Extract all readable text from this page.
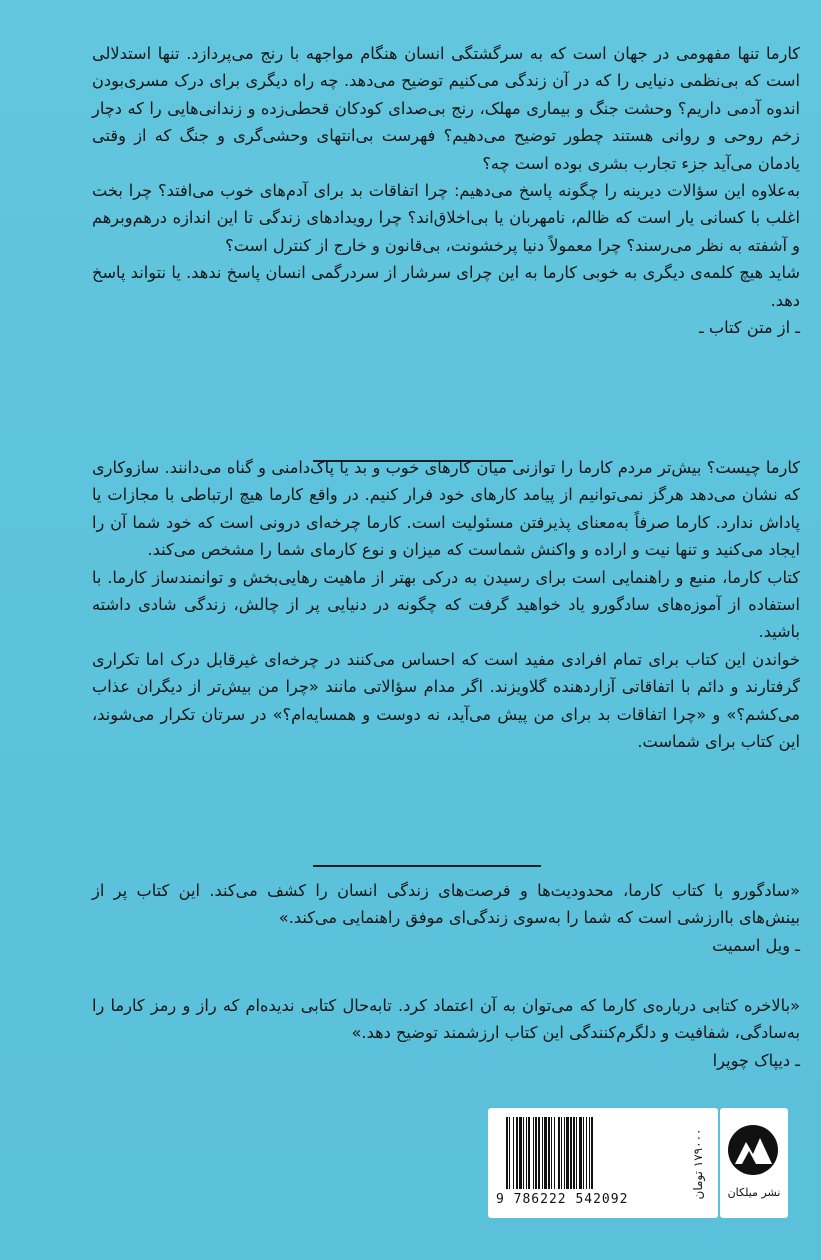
کارما تنها مفهومی در جهان است که به سرگشتگی انسان هنگام مواجهه با رنج می‌پردازد. تنها استدلالی است که بی‌نظمی دنیایی را که در آن زندگی می‌کنیم توضیح می‌دهد. چه راه دیگری برای درک مسری‌بودن اندوه آدمی داریم؟ وحشت جنگ و بیماری مهلک، رنج بی‌صدای کودکان قحطی‌زده و زندانی‌هایی را که دچار زخم روحی و روانی هستند چطور توضیح می‌دهیم؟ فهرست بی‌انتهای وحشی‌گری و جنگ که از وقتی یادمان می‌آید جزء تجارب بشری بوده است چه؟

به‌علاوه این سؤالات دیرینه را چگونه پاسخ می‌دهیم: چرا اتفاقات بد برای آدم‌های خوب می‌افتد؟ چرا بخت اغلب با کسانی یار است که ظالم، نامهربان یا بی‌اخلاق‌اند؟ چرا رویدادهای زندگی تا این اندازه درهم‌وبرهم و آشفته به نظر می‌رسند؟ چرا معمولاً دنیا پرخشونت، بی‌قانون و خارج از کنترل است؟

شاید هیچ کلمه‌ی دیگری به خوبی کارما به این چرای سرشار از سردرگمی انسان پاسخ ندهد. یا نتواند پاسخ دهد.

ـ از متن کتاب ـ

کارما چیست؟ بیش‌تر مردم کارما را توازنی میان کارهای خوب و بد یا پاک‌دامنی و گناه می‌دانند. سازوکاری که نشان می‌دهد هرگز نمی‌توانیم از پیامد کارهای خود فرار کنیم. در واقع کارما هیچ ارتباطی با مجازات یا پاداش ندارد. کارما صرفاً به‌معنای پذیرفتن مسئولیت است. کارما چرخه‌ای درونی است که خود شما آن را ایجاد می‌کنید و تنها نیت و اراده و واکنش شماست که میزان و نوع کارمای شما را مشخص می‌کند.

کتاب کارما، منبع و راهنمایی است برای رسیدن به درکی بهتر از ماهیت رهایی‌بخش و توانمندساز کارما. با استفاده از آموزه‌های سادگورو یاد خواهید گرفت که چگونه در دنیایی پر از چالش، زندگی شادی داشته باشید.

خواندن این کتاب برای تمام افرادی مفید است که احساس می‌کنند در چرخه‌ای غیرقابل درک اما تکراری گرفتارند و دائم با اتفاقاتی آزاردهنده گلاویزند. اگر مدام سؤالاتی مانند «چرا من بیش‌تر از دیگران عذاب می‌کشم؟» و «چرا اتفاقات بد برای من پیش می‌آید، نه دوست و همسایه‌ام؟» در سرتان تکرار می‌شوند، این کتاب برای شماست.

«سادگورو با کتاب کارما، محدودیت‌ها و فرصت‌های زندگی انسان را کشف می‌کند. این کتاب پر از بینش‌های باارزشی است که شما را به‌سوی زندگی‌ای موفق راهنمایی می‌کند.»

ـ ویل اسمیت

«بالاخره کتابی درباره‌ی کارما که می‌توان به آن اعتماد کرد. تابه‌حال کتابی ندیده‌ام که راز و رمز کارما را به‌سادگی، شفافیت و دلگرم‌کنندگی این کتاب ارزشمند توضیح دهد.»

ـ دیپاک چوپرا

9 786222 542092
۱۷۹۰۰۰ تومان
نشر میلکان
